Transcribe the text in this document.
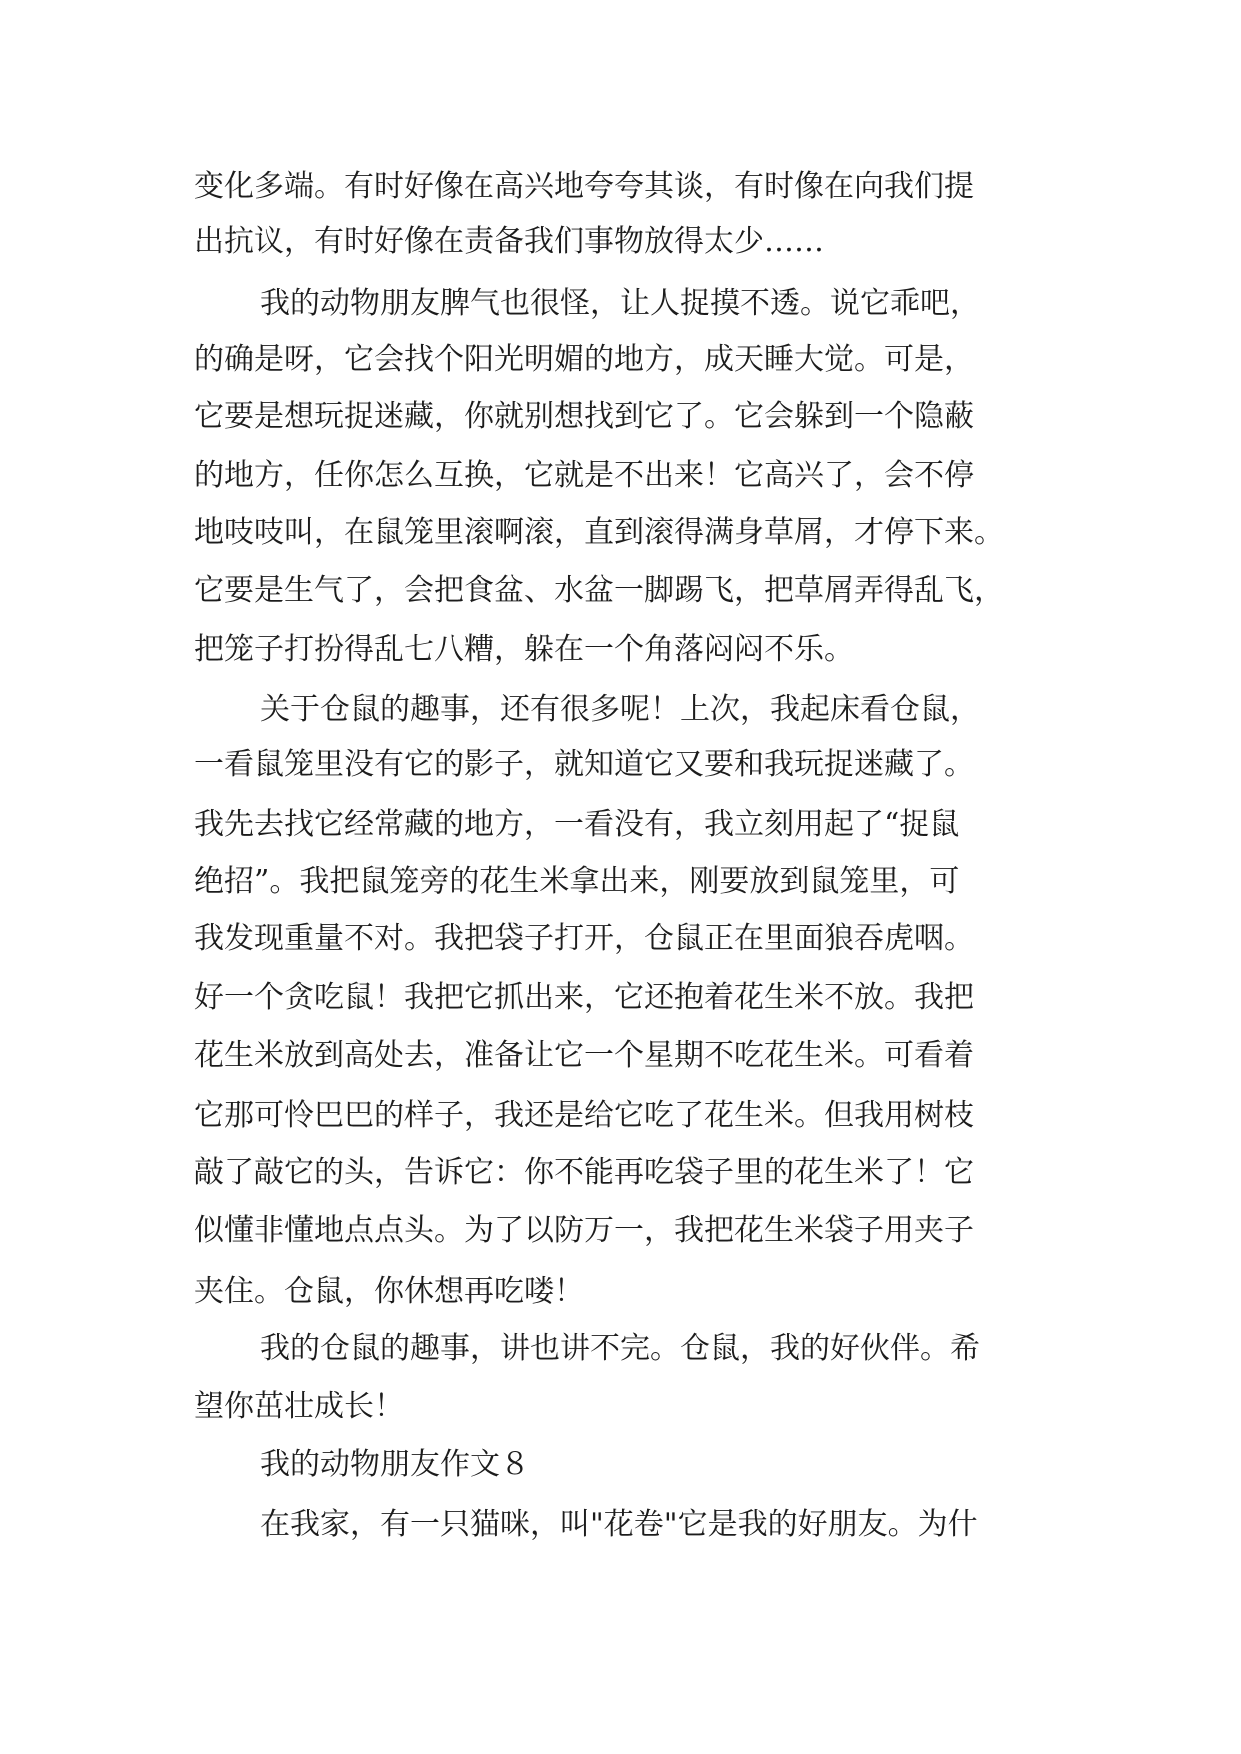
变化多端。有时好像在高兴地夸夸其谈，有时像在向我们提
出抗议，有时好像在责备我们事物放得太少……
我的动物朋友脾气也很怪，让人捉摸不透。说它乖吧，
的确是呀，它会找个阳光明媚的地方，成天睡大觉。可是，
它要是想玩捉迷藏，你就别想找到它了。它会躲到一个隐蔽
的地方，任你怎么互换，它就是不出来！它高兴了，会不停
地吱吱叫，在鼠笼里滚啊滚，直到滚得满身草屑，才停下来。
它要是生气了，会把食盆、水盆一脚踢飞，把草屑弄得乱飞，
把笼子打扮得乱七八糟，躲在一个角落闷闷不乐。
关于仓鼠的趣事，还有很多呢！上次，我起床看仓鼠，
一看鼠笼里没有它的影子，就知道它又要和我玩捉迷藏了。
我先去找它经常藏的地方，一看没有，我立刻用起了“捉鼠
绝招”。我把鼠笼旁的花生米拿出来，刚要放到鼠笼里，可
我发现重量不对。我把袋子打开，仓鼠正在里面狼吞虎咽。
好一个贪吃鼠！我把它抓出来，它还抱着花生米不放。我把
花生米放到高处去，准备让它一个星期不吃花生米。可看着
它那可怜巴巴的样子，我还是给它吃了花生米。但我用树枝
敲了敲它的头，告诉它：你不能再吃袋子里的花生米了！它
似懂非懂地点点头。为了以防万一，我把花生米袋子用夹子
夹住。仓鼠，你休想再吃喽！
我的仓鼠的趣事，讲也讲不完。仓鼠，我的好伙伴。希
望你茁壮成长！
我的动物朋友作文８
在我家，有一只猫咪，叫"花卷"它是我的好朋友。为什
